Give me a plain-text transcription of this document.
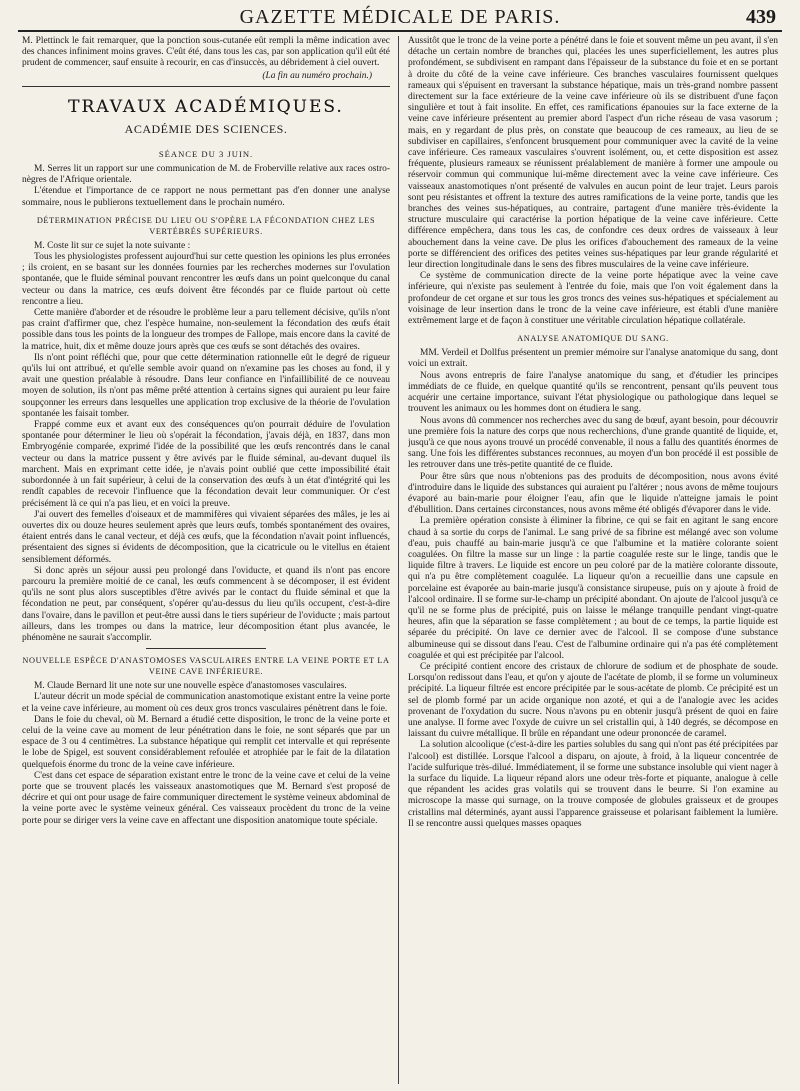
GAZETTE MÉDICALE DE PARIS.	439

M. Plettinck le fait remarquer, que la ponction sous-cutanée eût rempli la même indication avec des chances infiniment moins graves. C'eût été, dans tous les cas, par son application qu'il eût été prudent de commencer, sauf ensuite à recourir, en cas d'insuccès, au débridement à ciel ouvert.

(La fin au numéro prochain.)
TRAVAUX ACADÉMIQUES.
ACADÉMIE DES SCIENCES.
SÉANCE DU 3 JUIN.

M. Serres lit un rapport sur une communication de M. de Froberville relative aux races ostro-nègres de l'Afrique orientale.

L'étendue et l'importance de ce rapport ne nous permettant pas d'en donner une analyse sommaire, nous le publierons textuellement dans le prochain numéro.

DÉTERMINATION PRÉCISE DU LIEU OU S'OPÈRE LA FÉCONDATION CHEZ LES VERTÉBRÉS SUPÉRIEURS.

M. Coste lit sur ce sujet la note suivante :

Tous les physiologistes professent aujourd'hui sur cette question les opinions les plus erronées ; ils croient, en se basant sur les données fournies par les recherches modernes sur l'ovulation spontanée, que le fluide séminal pouvant rencontrer les œufs dans un point quelconque du canal vecteur ou dans la matrice, ces œufs doivent être fécondés par ce fluide partout où cette rencontre a lieu.

Cette manière d'aborder et de résoudre le problème leur a paru tellement décisive, qu'ils n'ont pas craint d'affirmer que, chez l'espèce humaine, non-seulement la fécondation des œufs était possible dans tous les points de la longueur des trompes de Fallope, mais encore dans la cavité de la matrice, huit, dix et même douze jours après que ces œufs se sont détachés des ovaires.

Ils n'ont point réfléchi que, pour que cette détermination rationnelle eût le degré de rigueur qu'ils lui ont attribué, et qu'elle semble avoir quand on n'examine pas les choses au fond, il y avait une question préalable à résoudre. Dans leur confiance en l'infaillibilité de ce nouveau moyen de solution, ils n'ont pas même prêté attention à certains signes qui auraient pu leur faire soupçonner les erreurs dans lesquelles une application trop exclusive de la théorie de l'ovulation spontanée les faisait tomber.

Frappé comme eux et avant eux des conséquences qu'on pourrait déduire de l'ovulation spontanée pour déterminer le lieu où s'opérait la fécondation, j'avais déjà, en 1837, dans mon Embryogénie comparée, exprimé l'idée de la possibilité que les œufs rencontrés dans le canal vecteur ou dans la matrice pussent y être avivés par le fluide séminal, au-devant duquel ils marchent. Mais en exprimant cette idée, je n'avais point oublié que cette impossibilité était subordonnée à un fait supérieur, à celui de la conservation des œufs à un état d'intégrité qui les rendît capables de recevoir l'influence que la fécondation devait leur communiquer. Or c'est précisément là ce qui n'a pas lieu, et en voici la preuve.

J'ai ouvert des femelles d'oiseaux et de mammifères qui vivaient séparées des mâles, je les ai ouvertes dix ou douze heures seulement après que leurs œufs, tombés spontanément des ovaires, étaient entrés dans le canal vecteur, et déjà ces œufs, que la fécondation n'avait point influencés, présentaient des signes si évidents de décomposition, que la cicatricule ou le vitellus en étaient sensiblement déformés.

Si donc après un séjour aussi peu prolongé dans l'oviducte, et quand ils n'ont pas encore parcouru la première moitié de ce canal, les œufs commencent à se décomposer, il est évident qu'ils ne sont plus alors susceptibles d'être avivés par le contact du fluide séminal et que la fécondation ne peut, par conséquent, s'opérer qu'au-dessus du lieu qu'ils occupent, c'est-à-dire dans l'ovaire, dans le pavillon et peut-être aussi dans le tiers supérieur de l'oviducte ; mais partout ailleurs, dans les trompes ou dans la matrice, leur décomposition étant plus avancée, le phénomène ne saurait s'accomplir.

NOUVELLE ESPÈCE D'ANASTOMOSES VASCULAIRES ENTRE LA VEINE PORTE ET LA VEINE CAVE INFÉRIEURE.

M. Claude Bernard lit une note sur une nouvelle espèce d'anastomoses vasculaires.

L'auteur décrit un mode spécial de communication anastomotique existant entre la veine porte et la veine cave inférieure, au moment où ces deux gros troncs vasculaires pénètrent dans le foie.

Dans le foie du cheval, où M. Bernard a étudié cette disposition, le tronc de la veine porte et celui de la veine cave au moment de leur pénétration dans le foie, ne sont séparés que par un espace de 3 ou 4 centimètres. La substance hépatique qui remplit cet intervalle et qui représente le lobe de Spigel, est souvent considérablement refoulée et atrophiée par le fait de la dilatation quelquefois énorme du tronc de la veine cave inférieure.

C'est dans cet espace de séparation existant entre le tronc de la veine cave et celui de la veine porte que se trouvent placés les vaisseaux anastomotiques que M. Bernard s'est proposé de décrire et qui ont pour usage de faire communiquer directement le système veineux abdominal de la veine porte avec le système veineux général. Ces vaisseaux procèdent du tronc de la veine porte pour se diriger vers la veine cave en affectant une disposition anatomique toute spéciale.

Aussitôt que le tronc de la veine porte a pénétré dans le foie et souvent même un peu avant, il s'en détache un certain nombre de branches qui, placées les unes superficiellement, les autres plus profondément, se subdivisent en rampant dans l'épaisseur de la substance du foie et en se portant à droite du côté de la veine cave inférieure. Ces branches vasculaires fournissent quelques rameaux qui s'épuisent en traversant la substance hépatique, mais un très-grand nombre passent directement sur la face extérieure de la veine cave inférieure où ils se distribuent d'une façon singulière et tout à fait insolite. En effet, ces ramifications épanouies sur la face externe de la veine cave inférieure présentent au premier abord l'aspect d'un riche réseau de vasa vasorum ; mais, en y regardant de plus près, on constate que beaucoup de ces rameaux, au lieu de se subdiviser en capillaires, s'enfoncent brusquement pour communiquer avec la cavité de la veine cave inférieure. Ces rameaux vasculaires s'ouvrent isolément, ou, et cette disposition est assez fréquente, plusieurs rameaux se réunissent préalablement de manière à former une ampoule ou réservoir commun qui communique lui-même directement avec la veine cave inférieure. Ces vaisseaux anastomotiques n'ont présenté de valvules en aucun point de leur trajet. Leurs parois sont peu résistantes et offrent la texture des autres ramifications de la veine porte, tandis que les branches des veines sus-hépatiques, au contraire, partagent d'une manière très-évidente la structure musculaire qui caractérise la portion hépatique de la veine cave inférieure. Cette différence empêchera, dans tous les cas, de confondre ces deux ordres de vaisseaux à leur abouchement dans la veine cave. De plus les orifices d'abouchement des rameaux de la veine porte se différencient des orifices des petites veines sus-hépatiques par leur grande régularité et leur direction longitudinale dans le sens des fibres musculaires de la veine cave inférieure.

Ce système de communication directe de la veine porte hépatique avec la veine cave inférieure, qui n'existe pas seulement à l'entrée du foie, mais que l'on voit également dans la profondeur de cet organe et sur tous les gros troncs des veines sus-hépatiques et spécialement au voisinage de leur insertion dans le tronc de la veine cave inférieure, est établi d'une manière extrêmement large et de façon à constituer une véritable circulation hépatique collatérale.

ANALYSE ANATOMIQUE DU SANG.

MM. Verdeil et Dollfus présentent un premier mémoire sur l'analyse anatomique du sang, dont voici un extrait.

Nous avons entrepris de faire l'analyse anatomique du sang, et d'étudier les principes immédiats de ce fluide, en quelque quantité qu'ils se rencontrent, pensant qu'ils peuvent tous acquérir une certaine importance, suivant l'état physiologique ou pathologique dans lequel se trouvent les animaux ou les hommes dont on étudiera le sang.

Nous avons dû commencer nos recherches avec du sang de bœuf, ayant besoin, pour découvrir une première fois la nature des corps que nous recherchions, d'une grande quantité de liquide, et, jusqu'à ce que nous ayons trouvé un procédé convenable, il nous a fallu des quantités énormes de sang. Une fois les différentes substances reconnues, au moyen d'un bon procédé il est possible de les retrouver dans une très-petite quantité de ce fluide.

Pour être sûrs que nous n'obtenions pas des produits de décomposition, nous avons évité d'introduire dans le liquide des substances qui auraient pu l'altérer ; nous avons de même toujours évaporé au bain-marie pour éloigner l'eau, afin que le liquide n'atteigne jamais le point d'ébullition. Dans certaines circonstances, nous avons même été obligés d'évaporer dans le vide.

La première opération consiste à éliminer la fibrine, ce qui se fait en agitant le sang encore chaud à sa sortie du corps de l'animal. Le sang privé de sa fibrine est mélangé avec son volume d'eau, puis chauffé au bain-marie jusqu'à ce que l'albumine et la matière colorante soient coagulées. On filtre la masse sur un linge : la partie coagulée reste sur le linge, tandis que le liquide filtre à travers. Le liquide est encore un peu coloré par de la matière colorante dissoute, qui n'a pu être complètement coagulée. La liqueur qu'on a recueillie dans une capsule en porcelaine est évaporée au bain-marie jusqu'à consistance sirupeuse, puis on y ajoute à froid de l'alcool ordinaire. Il se forme sur-le-champ un précipité abondant. On ajoute de l'alcool jusqu'à ce qu'il ne se forme plus de précipité, puis on laisse le mélange tranquille pendant vingt-quatre heures, afin que la séparation se fasse complètement ; au bout de ce temps, la partie liquide est séparée du précipité. On lave ce dernier avec de l'alcool. Il se compose d'une substance albumineuse qui se dissout dans l'eau. C'est de l'albumine ordinaire qui n'a pas été complètement coagulée et qui est précipitée par l'alcool.

Ce précipité contient encore des cristaux de chlorure de sodium et de phosphate de soude. Lorsqu'on redissout dans l'eau, et qu'on y ajoute de l'acétate de plomb, il se forme un volumineux précipité. La liqueur filtrée est encore précipitée par le sous-acétate de plomb. Ce précipité est un sel de plomb formé par un acide organique non azoté, et qui a de l'analogie avec les acides provenant de l'oxydation du sucre. Nous n'avons pu en obtenir jusqu'à présent de quoi en faire une analyse. Il forme avec l'oxyde de cuivre un sel cristallin qui, à 140 degrés, se décompose en laissant du cuivre métallique. Il brûle en répandant une odeur prononcée de caramel.

La solution alcoolique (c'est-à-dire les parties solubles du sang qui n'ont pas été précipitées par l'alcool) est distillée. Lorsque l'alcool a disparu, on ajoute, à froid, à la liqueur concentrée de l'acide sulfurique très-dilué. Immédiatement, il se forme une substance insoluble qui vient nager à la surface du liquide. La liqueur répand alors une odeur très-forte et piquante, analogue à celle que répandent les acides gras volatils qui se trouvent dans le beurre. Si l'on examine au microscope la masse qui surnage, on la trouve composée de globules graisseux et de groupes cristallins mal déterminés, ayant aussi l'apparence graisseuse et polarisant faiblement la lumière. Il se rencontre aussi quelques masses opaques
